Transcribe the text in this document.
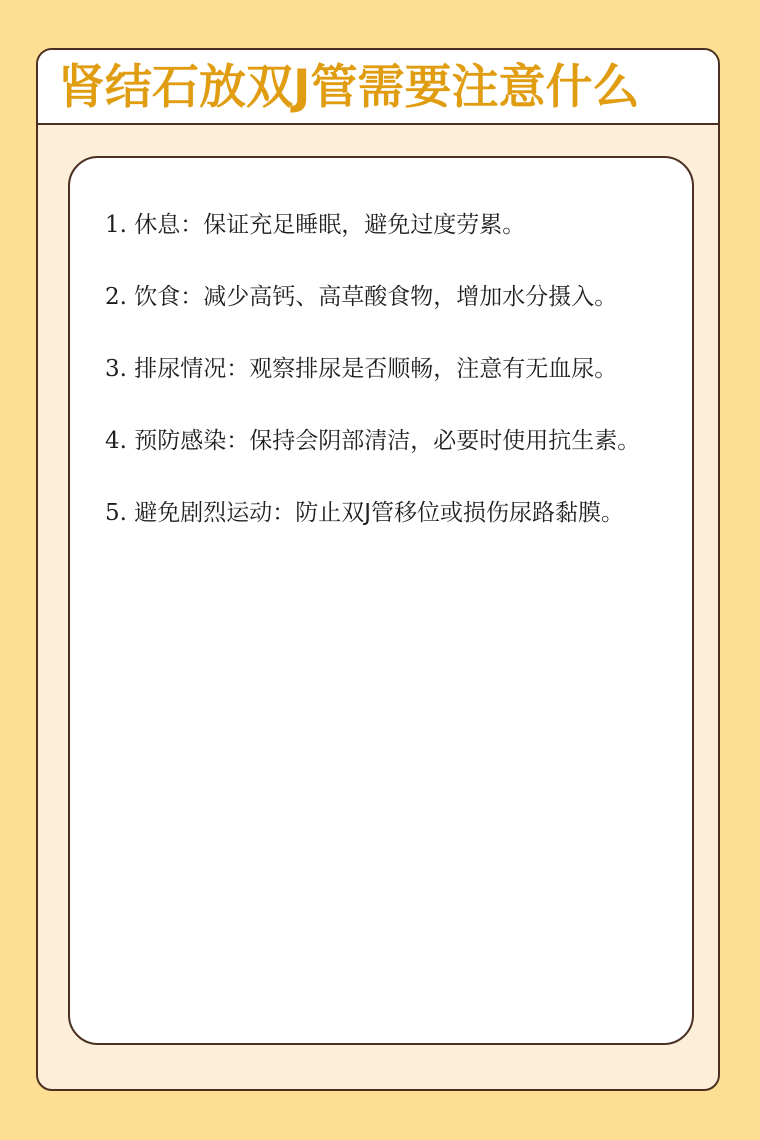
肾结石放双J管需要注意什么
1. 休息：保证充足睡眠，避免过度劳累。
2. 饮食：减少高钙、高草酸食物，增加水分摄入。
3. 排尿情况：观察排尿是否顺畅，注意有无血尿。
4. 预防感染：保持会阴部清洁，必要时使用抗生素。
5. 避免剧烈运动：防止双J管移位或损伤尿路黏膜。
